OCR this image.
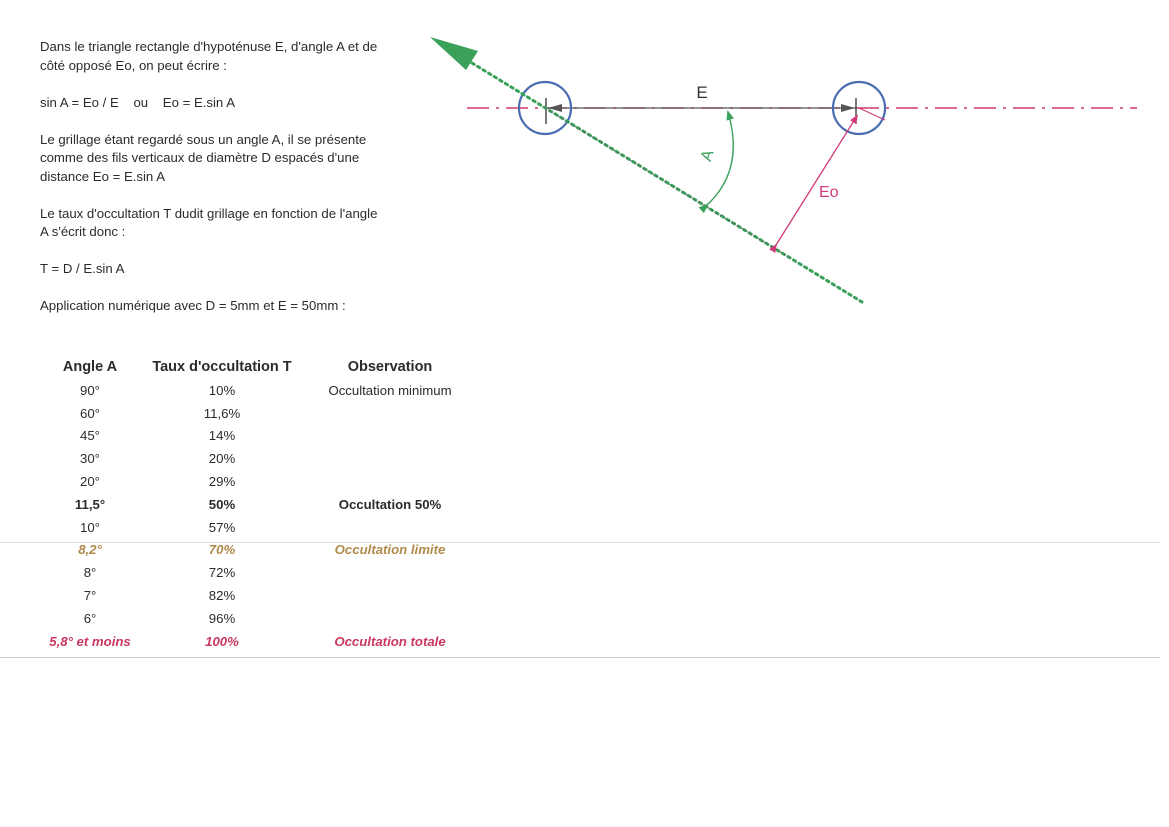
Dans le triangle rectangle d'hypoténuse E, d'angle A et de
côté opposé Eo, on peut écrire :

sin A = Eo / E    ou    Eo = E.sin A

Le grillage étant regardé sous un angle A, il se présente
comme des fils verticaux de diamètre D espacés d'une
distance Eo = E.sin A

Le taux d'occultation T dudit grillage en fonction de l'angle
A s'écrit donc :

T = D / E.sin A

Application numérique avec D = 5mm et E = 50mm :

E
A
Eo
Angle A	Taux d'occultation T	Observation
90°	10%	Occultation minimum
60°	11,6%
45°	14%
30°	20%
20°	29%
11,5°	50%	Occultation 50%
10°	57%
8,2°	70%	Occultation limite
8°	72%
7°	82%
6°	96%
5,8° et moins	100%	Occultation totale
